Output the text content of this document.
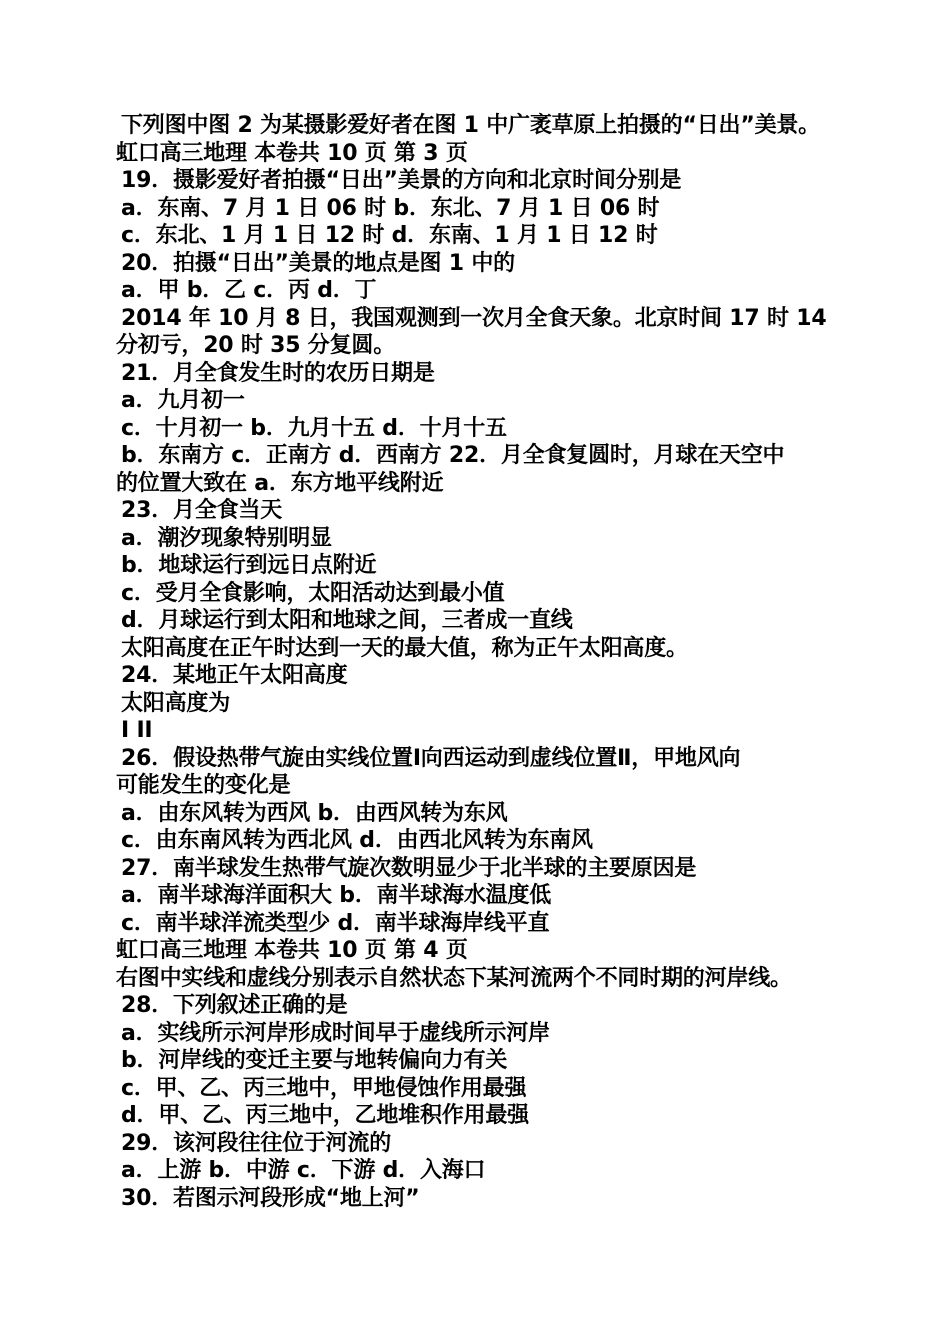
下列图中图 2 为某摄影爱好者在图 1 中广袤草原上拍摄的“日出”美景。
虹口高三地理 本卷共 10 页 第 3 页
19．摄影爱好者拍摄“日出”美景的方向和北京时间分别是
a．东南、7 月 1 日 06 时 b．东北、7 月 1 日 06 时
c．东北、1 月 1 日 12 时 d．东南、1 月 1 日 12 时
20．拍摄“日出”美景的地点是图 1 中的
a．甲 b．乙 c．丙 d．丁
2014 年 10 月 8 日，我国观测到一次月全食天象。北京时间 17 时 14
分初亏，20 时 35 分复圆。
21．月全食发生时的农历日期是
a．九月初一
c．十月初一 b．九月十五 d．十月十五
b．东南方 c．正南方 d．西南方 22．月全食复圆时，月球在天空中
的位置大致在 a．东方地平线附近
23．月全食当天
a．潮汐现象特别明显
b．地球运行到远日点附近
c．受月全食影响，太阳活动达到最小值
d．月球运行到太阳和地球之间，三者成一直线
太阳高度在正午时达到一天的最大值，称为正午太阳高度。
24．某地正午太阳高度
太阳高度为
I II
26．假设热带气旋由实线位置Ⅰ向西运动到虚线位置Ⅱ，甲地风向
可能发生的变化是
a．由东风转为西风 b．由西风转为东风
c．由东南风转为西北风 d．由西北风转为东南风
27．南半球发生热带气旋次数明显少于北半球的主要原因是
a．南半球海洋面积大 b．南半球海水温度低
c．南半球洋流类型少 d．南半球海岸线平直
虹口高三地理 本卷共 10 页 第 4 页
右图中实线和虚线分别表示自然状态下某河流两个不同时期的河岸线。
28．下列叙述正确的是
a．实线所示河岸形成时间早于虚线所示河岸
b．河岸线的变迁主要与地转偏向力有关
c．甲、乙、丙三地中，甲地侵蚀作用最强
d．甲、乙、丙三地中，乙地堆积作用最强
29．该河段往往位于河流的
a．上游 b．中游 c．下游 d．入海口
30．若图示河段形成“地上河”
